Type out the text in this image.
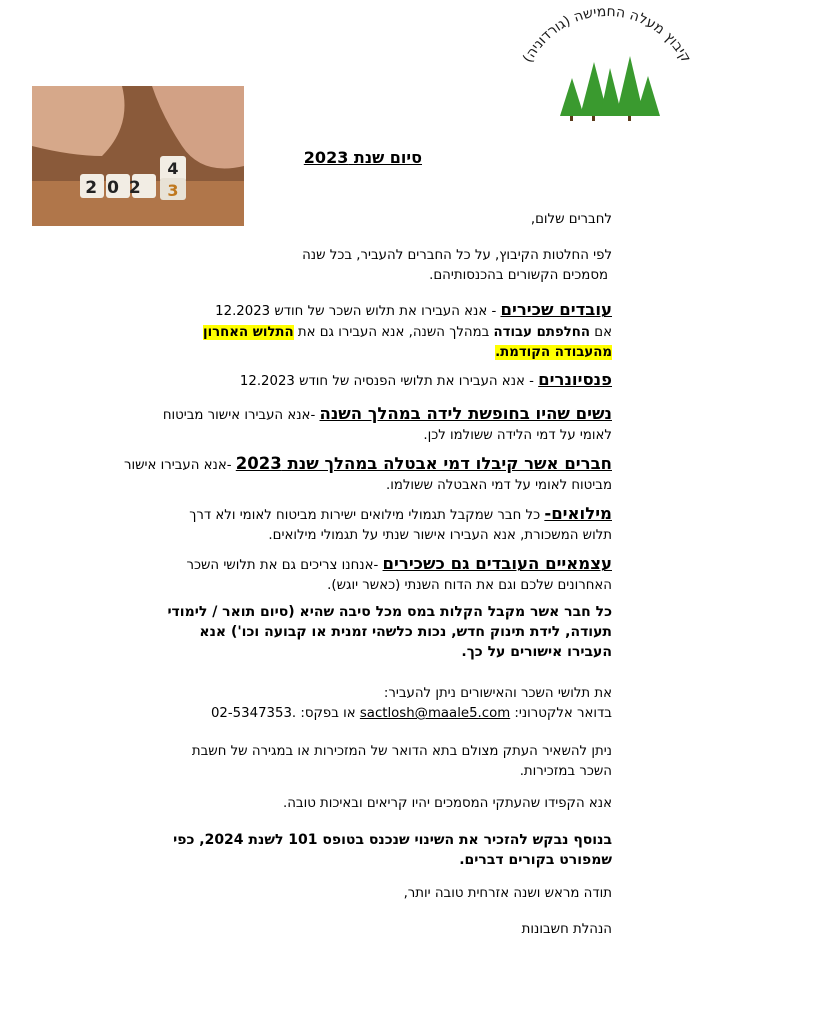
קיבוץ מעלה החמישה (גורדוניה)
202
4
3
סיום שנת 2023
לחברים שלום,
לפי החלטות הקיבוץ, על כל החברים להעביר, בכל שנה
מסמכים הקשורים בהכנסותיהם.
עובדים שכירים - אנא העבירו את תלוש השכר של חודש 12.2023
אם החלפתם עבודה במהלך השנה, אנא העבירו גם את התלוש האחרון
מהעבודה הקודמת.
פנסיונרים - אנא העבירו את תלושי הפנסיה של חודש 12.2023
נשים שהיו בחופשת לידה במהלך השנה -אנא העבירו אישור מביטוח
לאומי על דמי הלידה ששולמו לכן.
חברים אשר קיבלו דמי אבטלה במהלך שנת 2023 -אנא העבירו אישור
מביטוח לאומי על דמי האבטלה ששולמו.
מילואים- כל חבר שמקבל תגמולי מילואים ישירות מביטוח לאומי ולא דרך
תלוש המשכורת, אנא העבירו אישור שנתי על תגמולי מילואים.
עצמאיים העובדים גם כשכירים -אנחנו צריכים גם את תלושי השכר
האחרונים שלכם וגם את הדוח השנתי (כאשר יוגש).
כל חבר אשר מקבל הקלות במס מכל סיבה שהיא (סיום תואר / לימודי
תעודה, לידת תינוק חדש, נכות כלשהי זמנית או קבועה וכו') אנא
העבירו אישורים על כך.
את תלושי השכר והאישורים ניתן להעביר:
בדואר אלקטרוני: sactlosh@maale5.com או בפקס: 02-5347353.
ניתן להשאיר העתק מצולם בתא הדואר של המזכירות או במגירה של חשבת
השכר במזכירות.
אנא הקפידו שהעתקי המסמכים יהיו קריאים ובאיכות טובה.
בנוסף נבקש להזכיר את השינוי שנכנס בטופס 101 לשנת 2024, כפי
שמפורט בקורים דברים.
תודה מראש ושנה אזרחית טובה יותר,
הנהלת חשבונות
